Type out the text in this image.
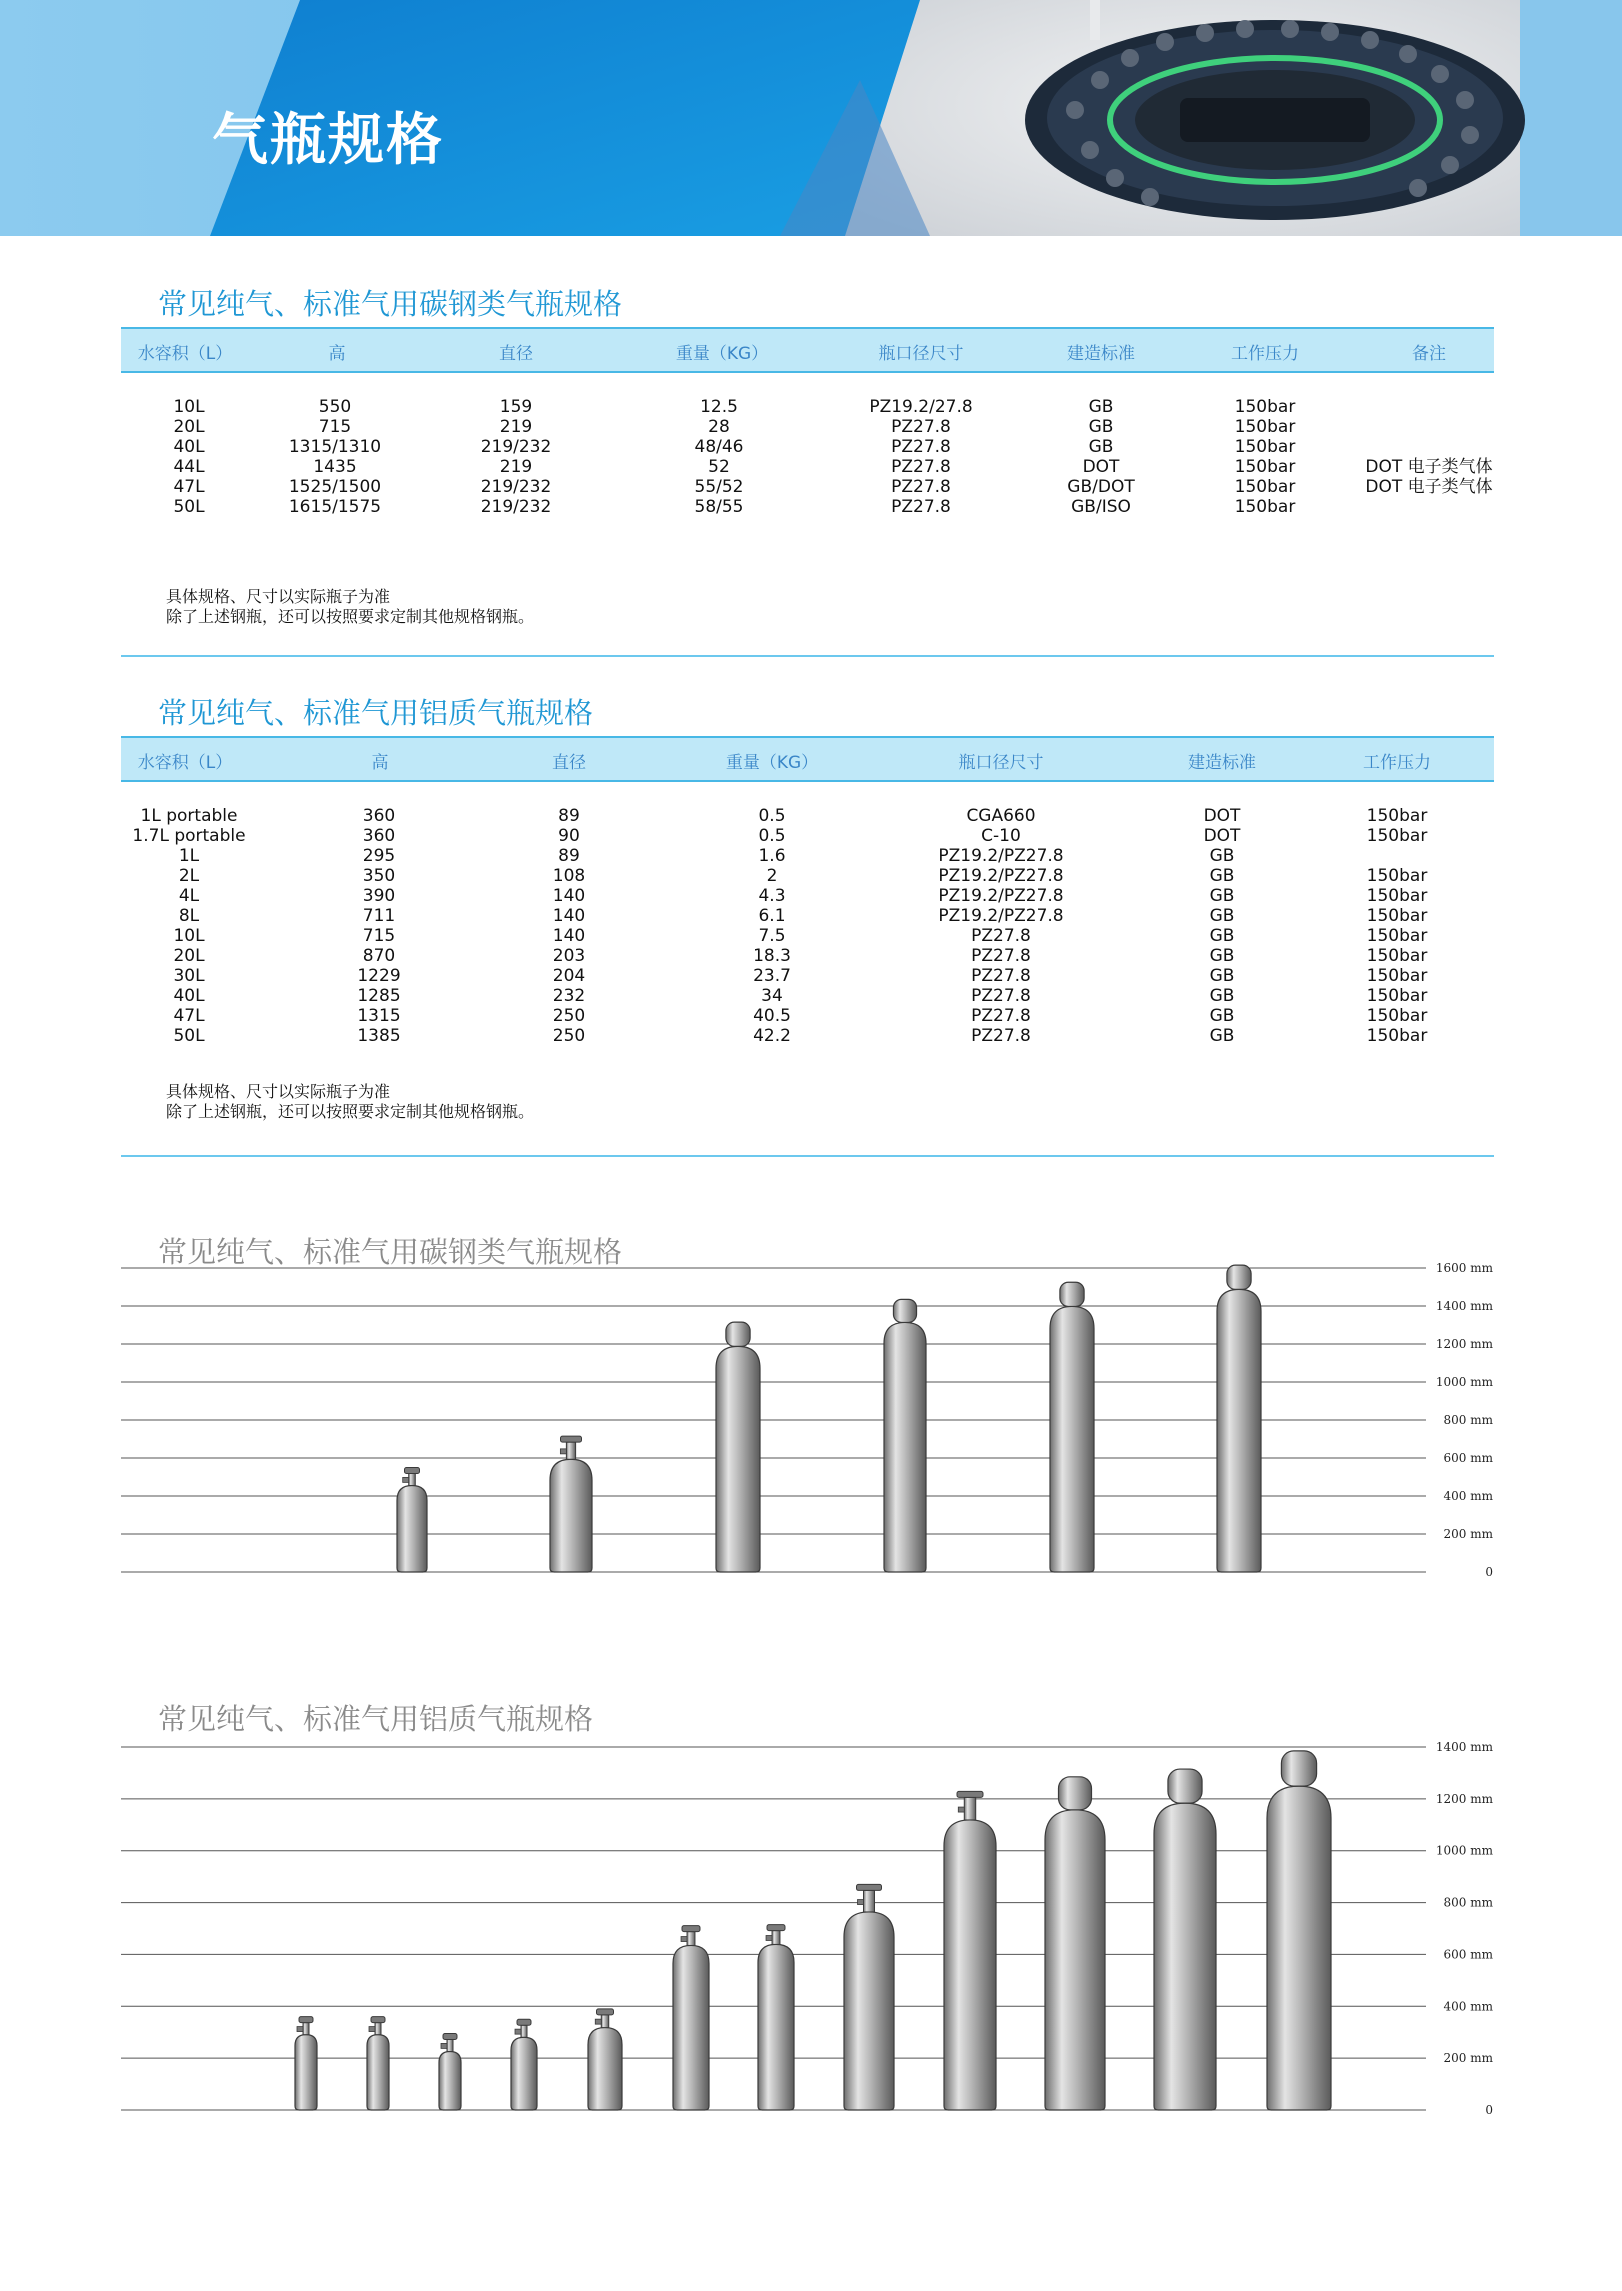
气瓶规格
常见纯气、标准气用碳钢类气瓶规格
水容积（L）	高	直径	重量（KG）	瓶口径尺寸	建造标准	工作压力	备注
10L	550	159	12.5	PZ19.2/27.8	GB	150bar
20L	715	219	28	PZ27.8	GB	150bar
40L	1315/1310	219/232	48/46	PZ27.8	GB	150bar
44L	1435	219	52	PZ27.8	DOT	150bar	DOT 电子类气体
47L	1525/1500	219/232	55/52	PZ27.8	GB/DOT	150bar	DOT 电子类气体
50L	1615/1575	219/232	58/55	PZ27.8	GB/ISO	150bar
具体规格、尺寸以实际瓶子为准
除了上述钢瓶，还可以按照要求定制其他规格钢瓶。
常见纯气、标准气用铝质气瓶规格
水容积（L）	高	直径	重量（KG）	瓶口径尺寸	建造标准	工作压力
1L portable	360	89	0.5	CGA660	DOT	150bar
1.7L portable	360	90	0.5	C-10	DOT	150bar
1L	295	89	1.6	PZ19.2/PZ27.8	GB
2L	350	108	2	PZ19.2/PZ27.8	GB	150bar
4L	390	140	4.3	PZ19.2/PZ27.8	GB	150bar
8L	711	140	6.1	PZ19.2/PZ27.8	GB	150bar
10L	715	140	7.5	PZ27.8	GB	150bar
20L	870	203	18.3	PZ27.8	GB	150bar
30L	1229	204	23.7	PZ27.8	GB	150bar
40L	1285	232	34	PZ27.8	GB	150bar
47L	1315	250	40.5	PZ27.8	GB	150bar
50L	1385	250	42.2	PZ27.8	GB	150bar
具体规格、尺寸以实际瓶子为准
除了上述钢瓶，还可以按照要求定制其他规格钢瓶。
常见纯气、标准气用碳钢类气瓶规格
0
200 mm
400 mm
600 mm
800 mm
1000 mm
1200 mm
1400 mm
1600 mm
常见纯气、标准气用铝质气瓶规格
0
200 mm
400 mm
600 mm
800 mm
1000 mm
1200 mm
1400 mm
